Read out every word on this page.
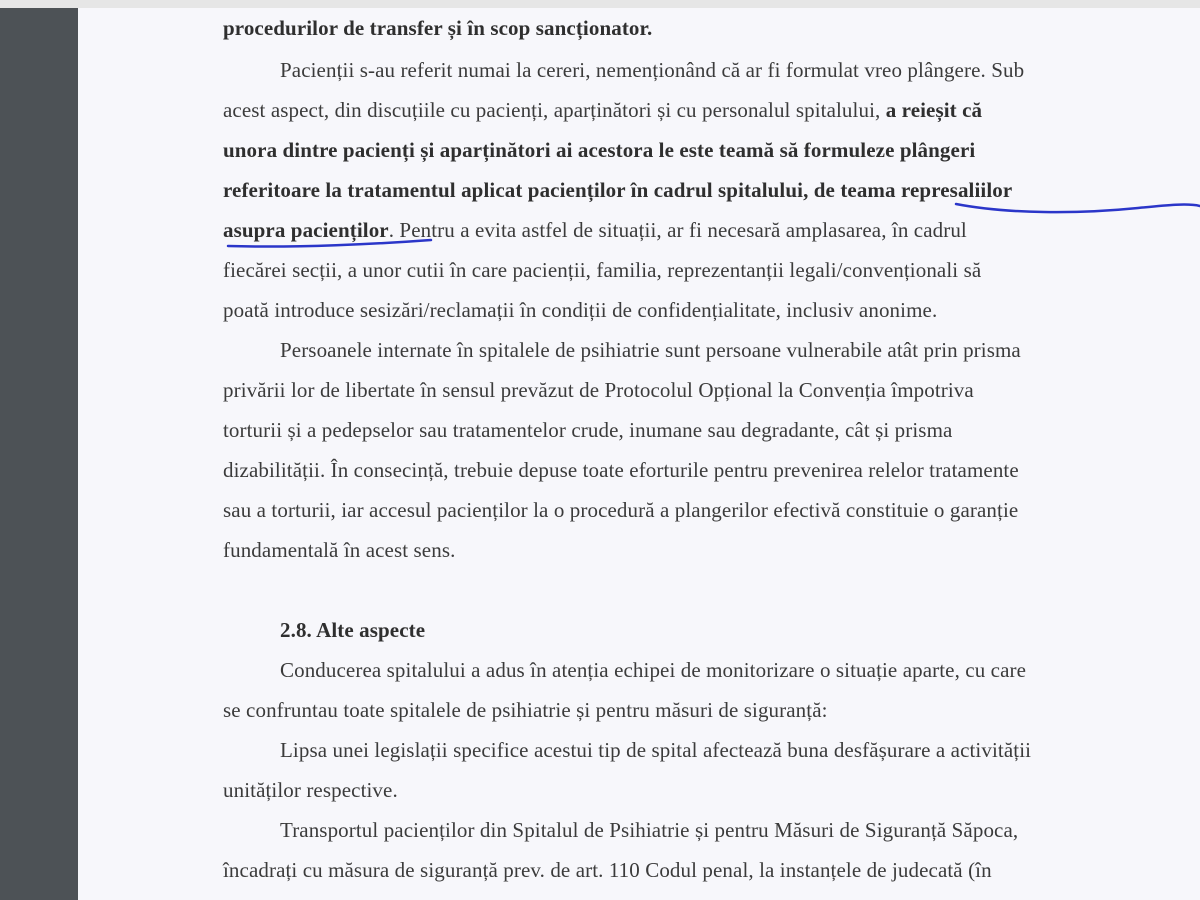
procedurilor de transfer și în scop sancționator.
Pacienții s-au referit numai la cereri, nemenționând că ar fi formulat vreo plângere. Sub
acest aspect, din discuțiile cu pacienți, aparținători și cu personalul spitalului, a reieșit că
unora dintre pacienți și aparținători ai acestora le este teamă să formuleze plângeri
referitoare la tratamentul aplicat pacienților în cadrul spitalului, de teama represaliilor
asupra pacienților. Pentru a evita astfel de situații, ar fi necesară amplasarea, în cadrul
fiecărei secții, a unor cutii în care pacienții, familia, reprezentanții legali/convenționali să
poată introduce sesizări/reclamații în condiții de confidențialitate, inclusiv anonime.
Persoanele internate în spitalele de psihiatrie sunt persoane vulnerabile atât prin prisma
privării lor de libertate în sensul prevăzut de Protocolul Opțional la Convenția împotriva
torturii și a pedepselor sau tratamentelor crude, inumane sau degradante, cât și prisma
dizabilității. În consecință, trebuie depuse toate eforturile pentru prevenirea relelor tratamente
sau a torturii, iar accesul pacienților la o procedură a plangerilor efectivă constituie o garanție
fundamentală în acest sens.
2.8. Alte aspecte
Conducerea spitalului a adus în atenția echipei de monitorizare o situație aparte, cu care
se confruntau toate spitalele de psihiatrie și pentru măsuri de siguranță:
Lipsa unei legislații specifice acestui tip de spital afectează buna desfășurare a activității
unităților respective.
Transportul pacienților din Spitalul de Psihiatrie și pentru Măsuri de Siguranță Săpoca,
încadrați cu măsura de siguranță prev. de art. 110 Codul penal, la instanțele de judecată (în
